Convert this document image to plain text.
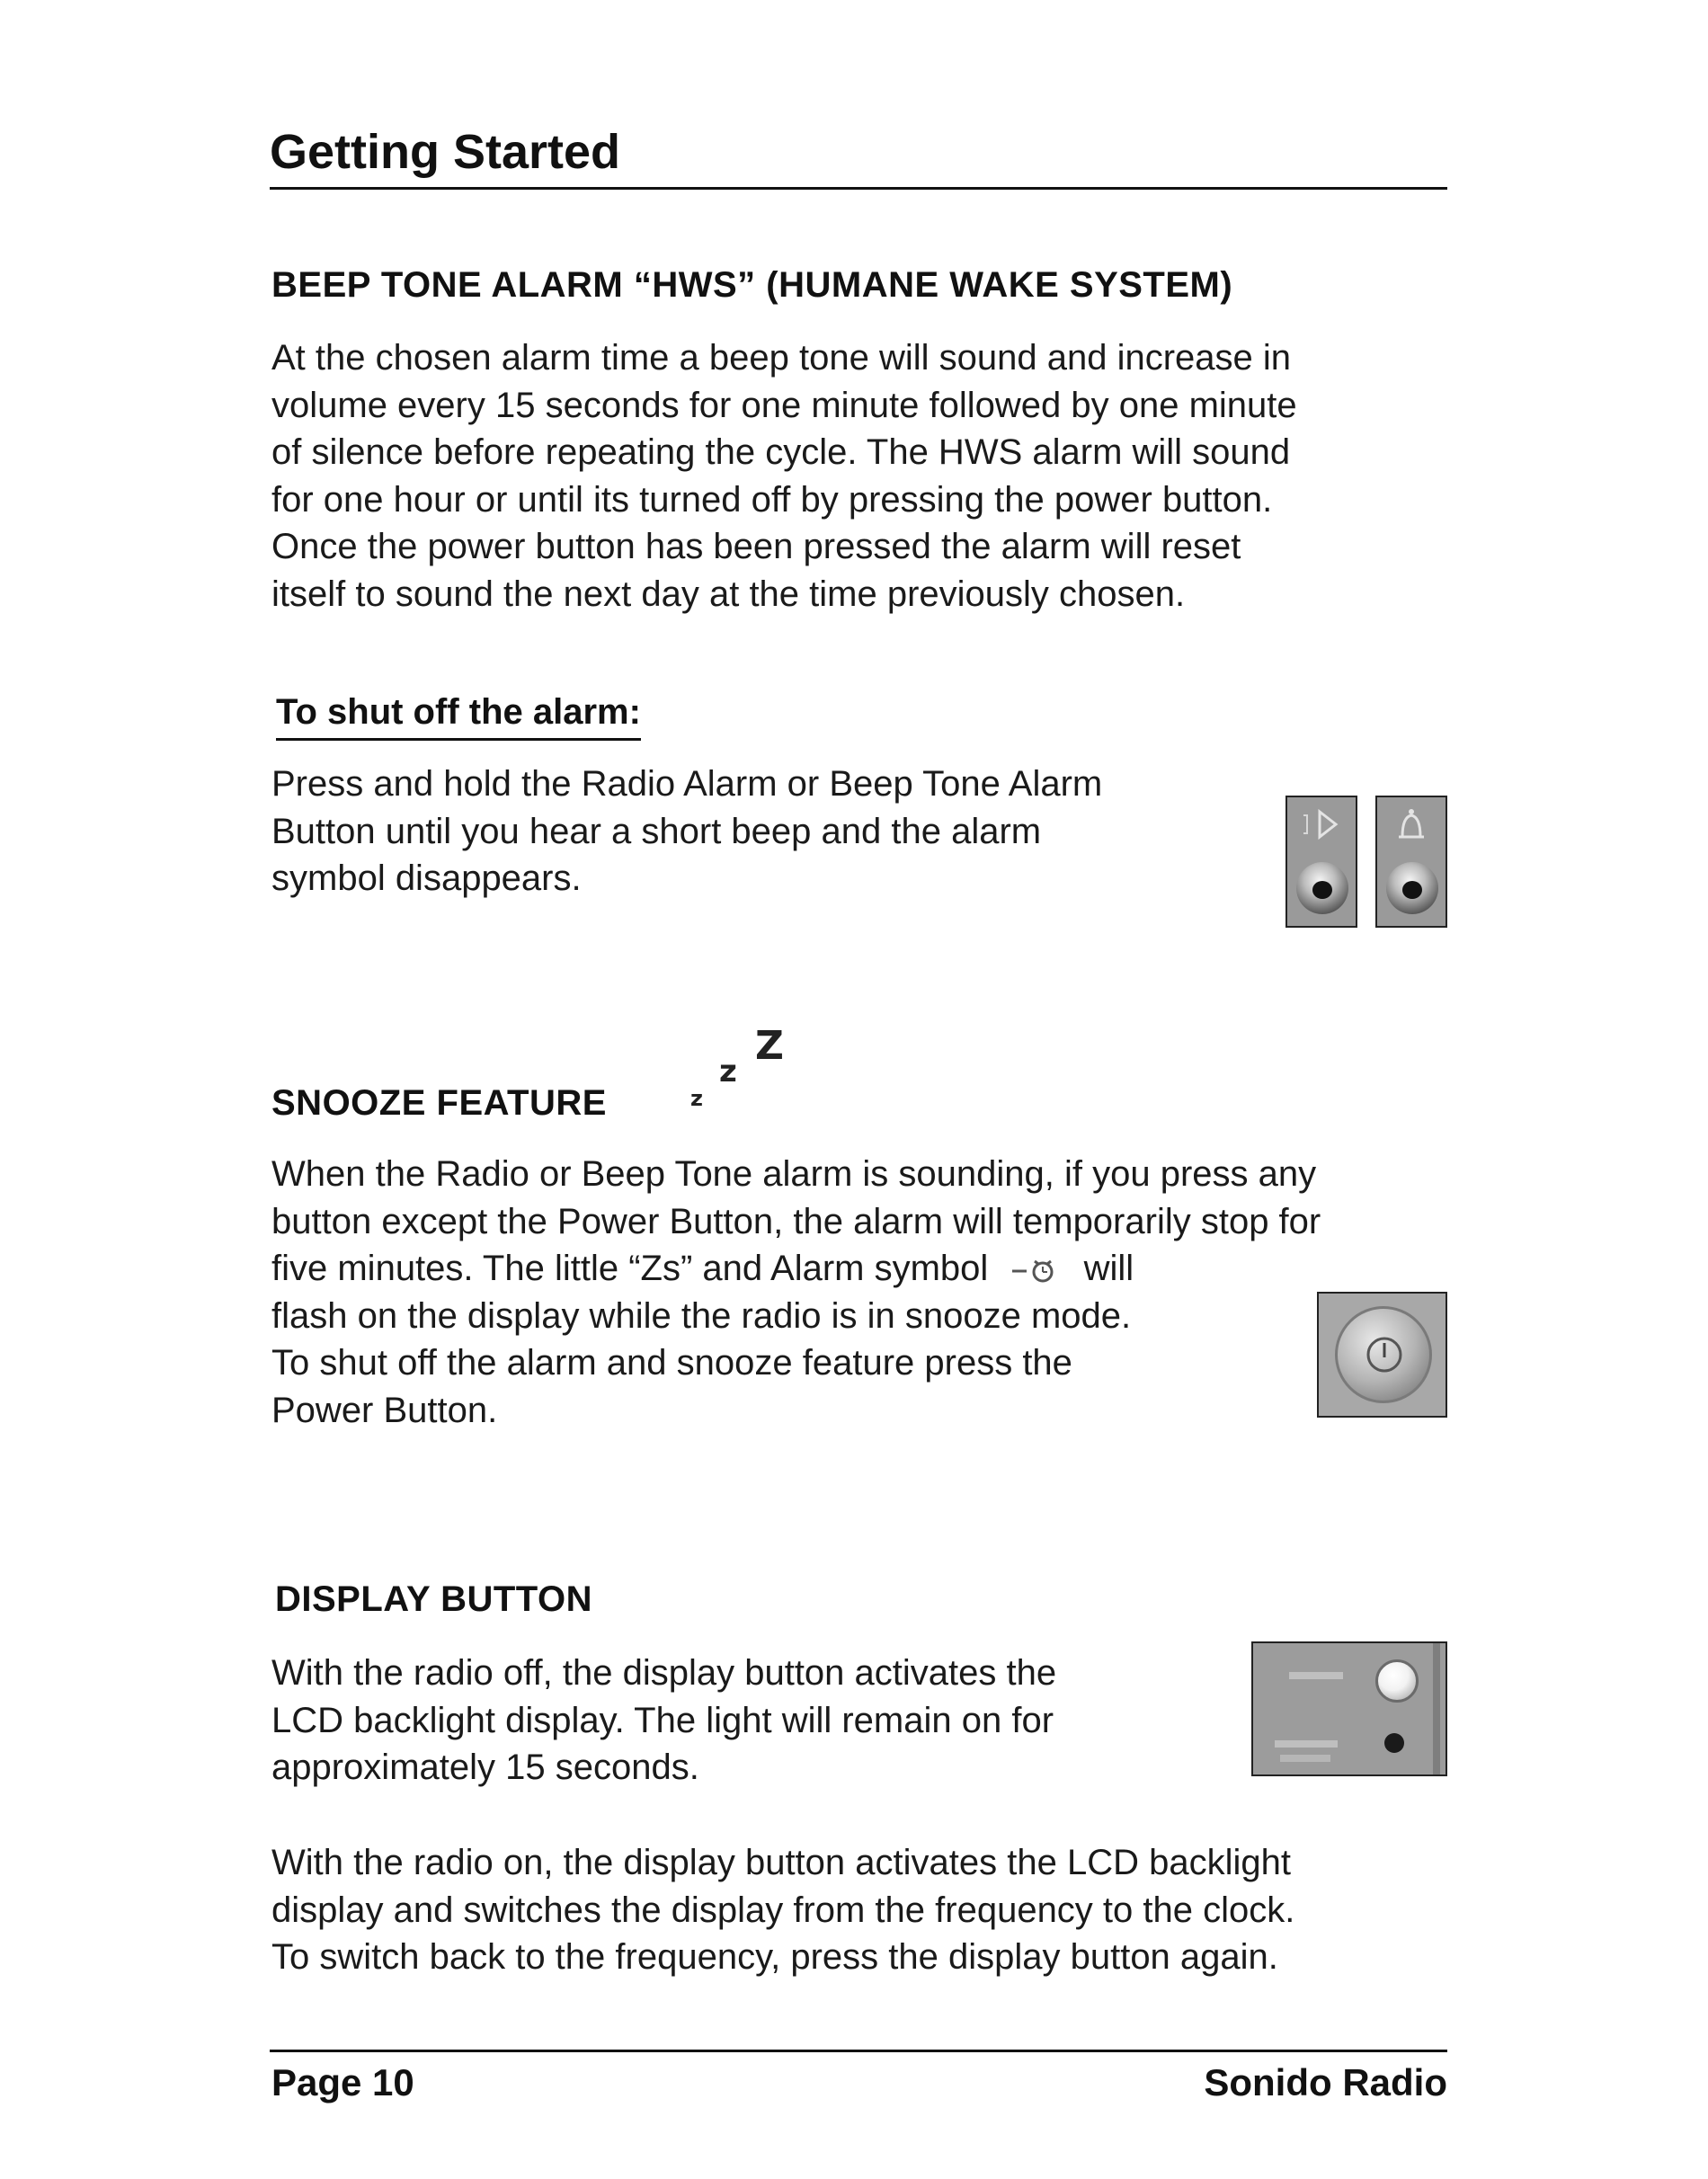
Getting Started
BEEP TONE ALARM “HWS” (HUMANE WAKE SYSTEM)

At the chosen alarm time a beep tone will sound and increase in

volume every 15 seconds for one minute followed by one minute

of silence before repeating the cycle. The HWS alarm will sound

for one hour or until its turned off by pressing the power button.

Once the power button has been pressed the alarm will reset

itself to sound the next day at the time previously chosen.

To shut off the alarm:

Press and hold the Radio Alarm or Beep Tone Alarm

Button until you hear a short beep and the alarm

symbol disappears.

SNOOZE FEATURE	z
z
Z

When the Radio or Beep Tone alarm is sounding, if you press any

button except the Power Button, the alarm will temporarily stop for

five minutes. The little “Zs” and Alarm symbol	will

flash on the display while the radio is in snooze mode.

To shut off the alarm and snooze feature press the

Power Button.

DISPLAY BUTTON

With the radio off, the display button activates the

LCD backlight display. The light will remain on for

approximately 15 seconds.

With the radio on, the display button activates the LCD backlight

display and switches the display from the frequency to the clock.

To switch back to the frequency, press the display button again.

Page 10	Sonido Radio
